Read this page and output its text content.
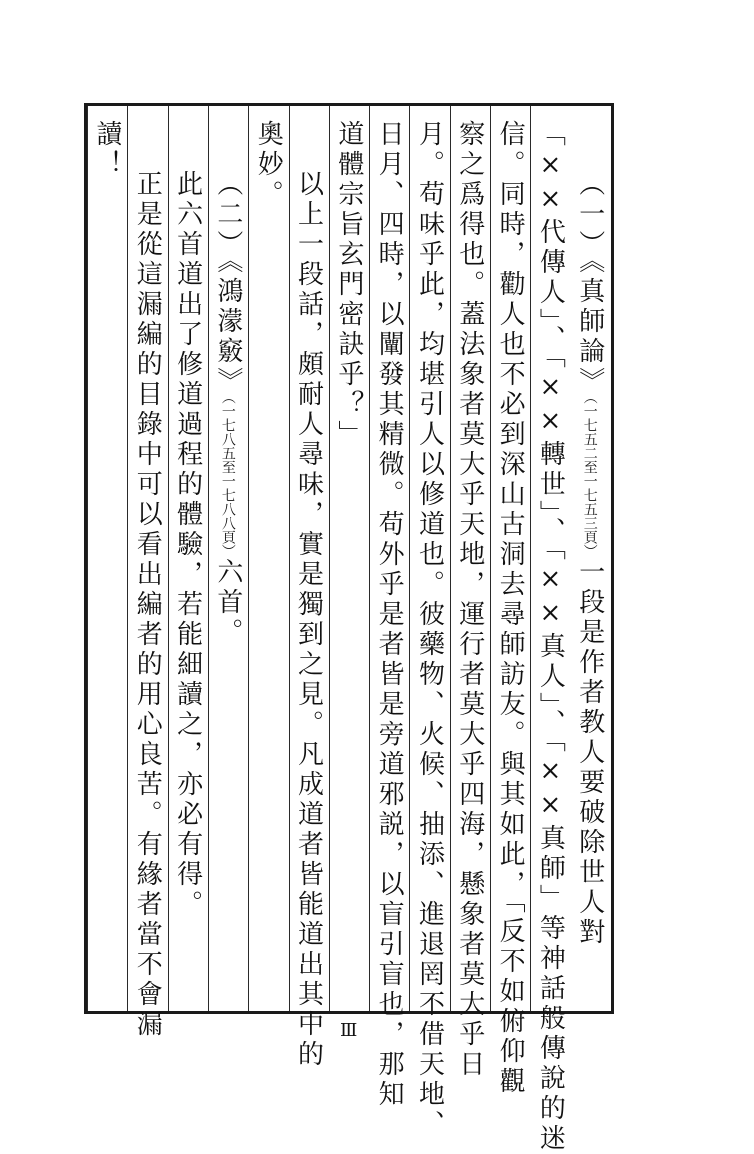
（一）《真師論》（一七五二至一七五三頁）一段是作者教人要破除世人對
「××代傳人」、「××轉世」、「××真人」、「××真師」等神話般傳說的迷
信。同時，勸人也不必到深山古洞去尋師訪友。與其如此，「反不如俯仰觀
察之爲得也。蓋法象者莫大乎天地，運行者莫大乎四海，懸象者莫大乎日
月。苟味乎此，均堪引人以修道也。彼藥物、火候、抽添、進退罔不借天地、
日月、四時，以闡發其精微。苟外乎是者皆是旁道邪説，以盲引盲也，那知
道體宗旨玄門密訣乎？」
以上一段話，頗耐人尋味，實是獨到之見。凡成道者皆能道出其中的
奧妙。
（二）《鴻濛竅》（一七八五至一七八八頁）六首。
此六首道出了修道過程的體驗，若能細讀之，亦必有得。
正是從這漏編的目錄中可以看出編者的用心良苦。有緣者當不會漏
讀！
Ⅲ
